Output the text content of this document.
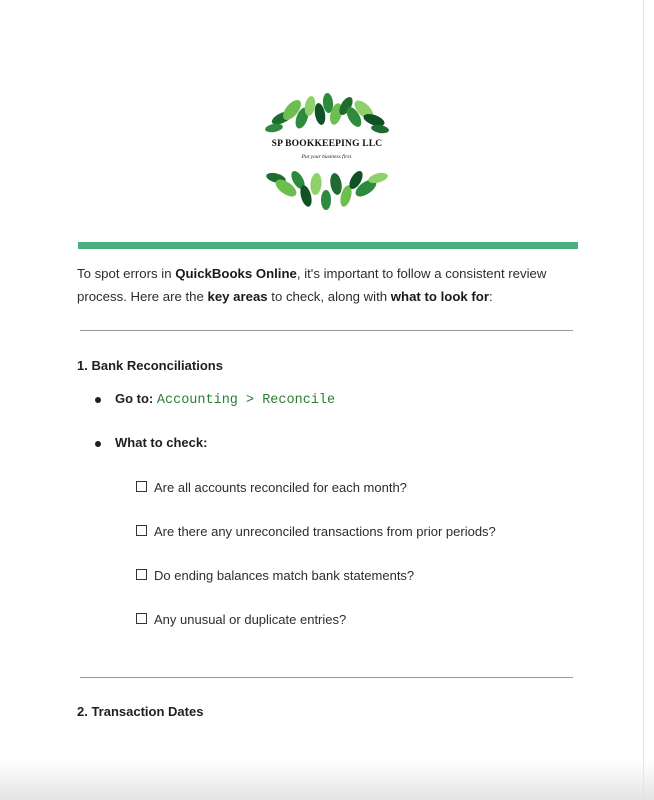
SP BOOKKEEPING LLC
Put your business first.
To spot errors in QuickBooks Online, it's important to follow a consistent review process. Here are the key areas to check, along with what to look for:
1. Bank Reconciliations
Go to: Accounting > Reconcile
What to check:
Are all accounts reconciled for each month?
Are there any unreconciled transactions from prior periods?
Do ending balances match bank statements?
Any unusual or duplicate entries?
2. Transaction Dates
